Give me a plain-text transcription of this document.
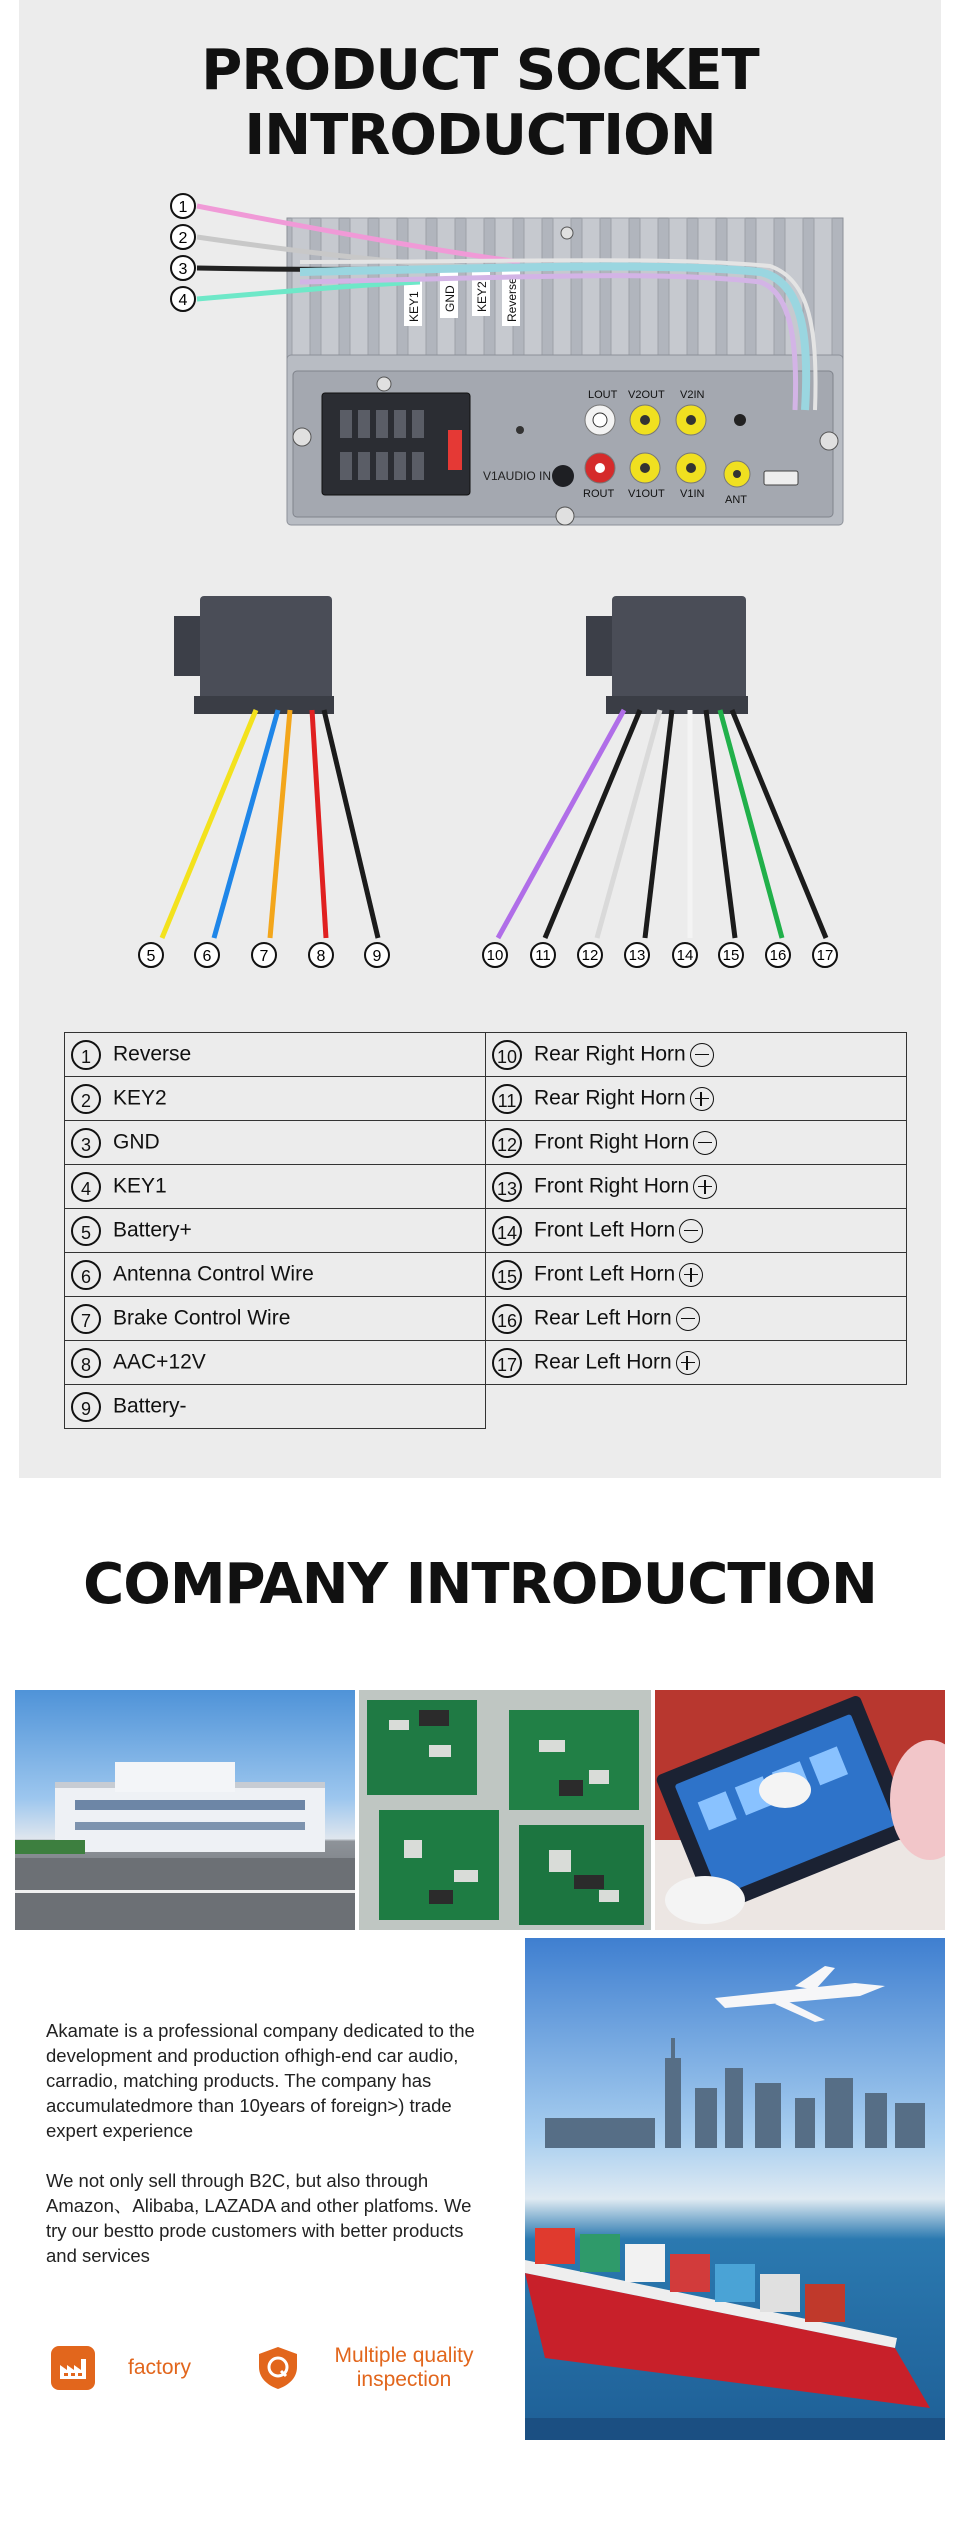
PRODUCT SOCKET INTRODUCTION
1
2
3
4	KEY1 GND KEY2 Reverse
V1AUDIO IN
LOUT V2OUT V2IN
ROUT V1OUT V1IN ANT
5	6	7	8	9	10 11 12 13 14 15 16 17
1 Reverse	10 Rear Right Horn
2 KEY2	11 Rear Right Horn
3 GND	12 Front Right Horn
4 KEY1	13 Front Right Horn
5 Battery+	14 Front Left Horn
6 Antenna Control Wire	15 Front Left Horn
7 Brake Control Wire	16 Rear Left Horn
8 AAC+12V	17 Rear Left Horn
9 Battery-	
COMPANY INTRODUCTION
Akamate is a professional company dedicated to the development and production ofhigh-end car audio, carradio, matching products. The company has accumulatedmore than 10years of foreign>) trade expert experience
We not only sell through B2C, but also through Amazon、Alibaba, LAZADA and other platfoms. We try our bestto prode customers with better products and services
factory
Multiple quality inspection
